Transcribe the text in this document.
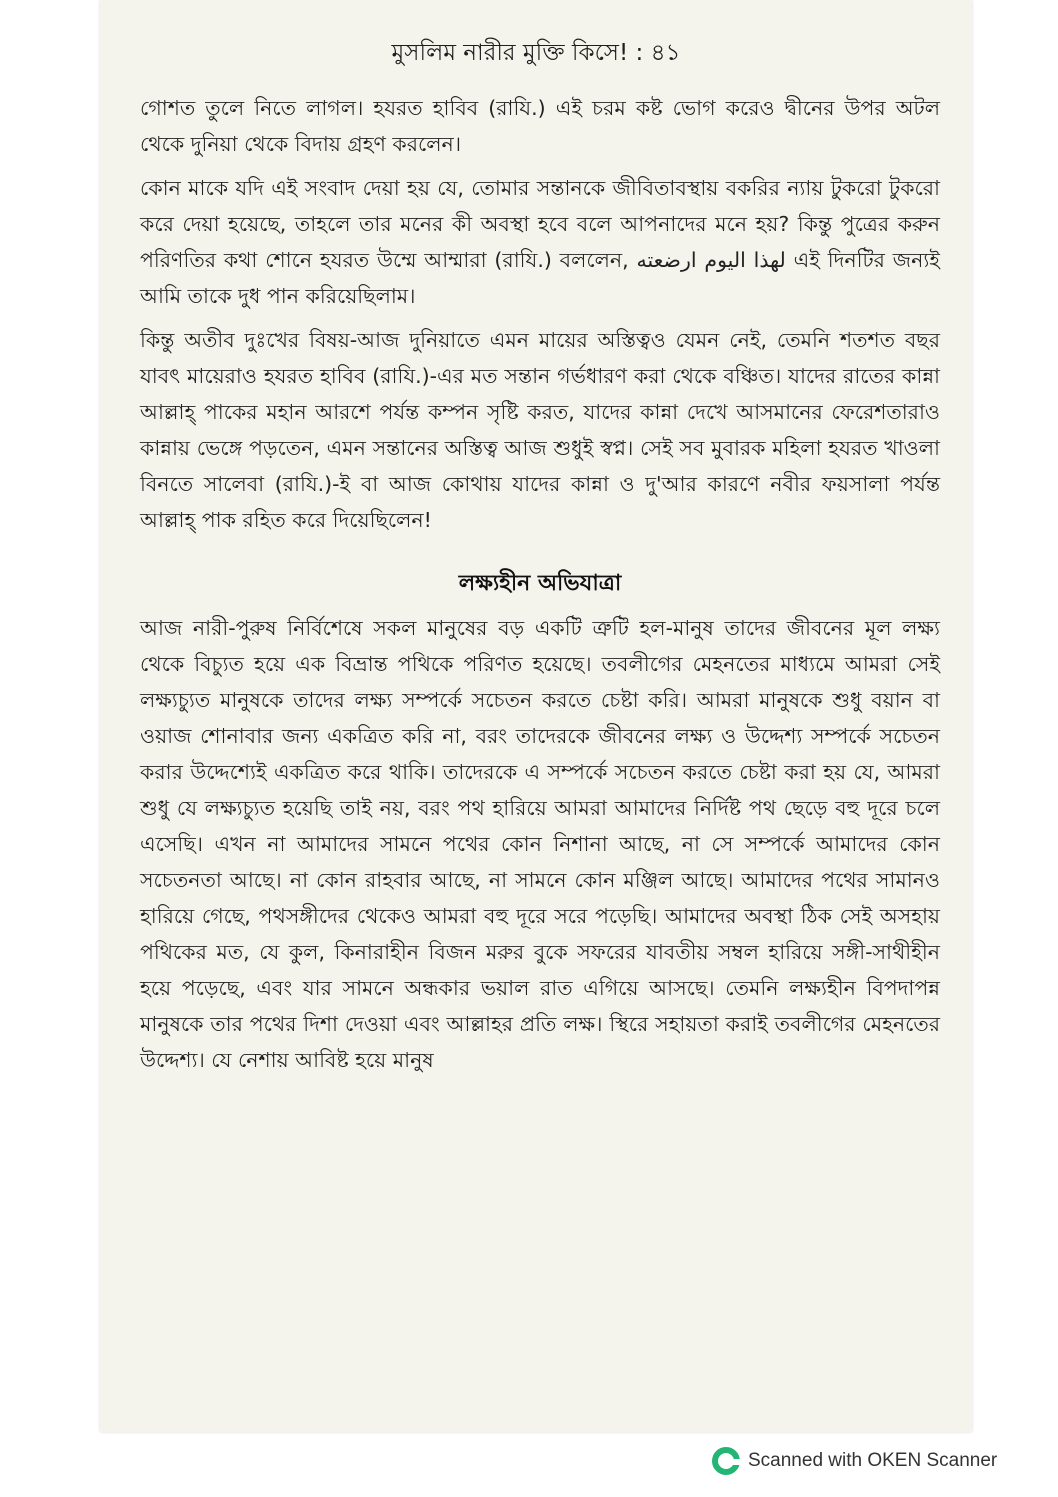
মুসলিম নারীর মুক্তি কিসে! : ৪১

গোশত তুলে নিতে লাগল। হযরত হাবিব (রাযি.) এই চরম কষ্ট ভোগ করেও দ্বীনের উপর অটল থেকে দুনিয়া থেকে বিদায় গ্রহণ করলেন।

কোন মাকে যদি এই সংবাদ দেয়া হয় যে, তোমার সন্তানকে জীবিতাবস্থায় বকরির ন্যায় টুকরো টুকরো করে দেয়া হয়েছে, তাহলে তার মনের কী অবস্থা হবে বলে আপনাদের মনে হয়? কিন্তু পুত্রের করুন পরিণতির কথা শোনে হযরত উম্মে আম্মারা (রাযি.) বললেন, لهذا اليوم ارضعته এই দিনটির জন্যই আমি তাকে দুধ পান করিয়েছিলাম।

কিন্তু অতীব দুঃখের বিষয়-আজ দুনিয়াতে এমন মায়ের অস্তিত্বও যেমন নেই, তেমনি শতশত বছর যাবৎ মায়েরাও হযরত হাবিব (রাযি.)-এর মত সন্তান গর্ভধারণ করা থেকে বঞ্চিত। যাদের রাতের কান্না আল্লাহ্ পাকের মহান আরশে পর্যন্ত কম্পন সৃষ্টি করত, যাদের কান্না দেখে আসমানের ফেরেশতারাও কান্নায় ভেঙ্গে পড়তেন, এমন সন্তানের অস্তিত্ব আজ শুধুই স্বপ্ন। সেই সব মুবারক মহিলা হযরত খাওলা বিনতে সালেবা (রাযি.)-ই বা আজ কোথায় যাদের কান্না ও দু'আর কারণে নবীর ফয়সালা পর্যন্ত আল্লাহ্ পাক রহিত করে দিয়েছিলেন!

লক্ষ্যহীন অভিযাত্রা

আজ নারী-পুরুষ নির্বিশেষে সকল মানুষের বড় একটি ত্রুটি হল-মানুষ তাদের জীবনের মূল লক্ষ্য থেকে বিচ্যুত হয়ে এক বিভ্রান্ত পথিকে পরিণত হয়েছে। তবলীগের মেহনতের মাধ্যমে আমরা সেই লক্ষ্যচ্যুত মানুষকে তাদের লক্ষ্য সম্পর্কে সচেতন করতে চেষ্টা করি। আমরা মানুষকে শুধু বয়ান বা ওয়াজ শোনাবার জন্য একত্রিত করি না, বরং তাদেরকে জীবনের লক্ষ্য ও উদ্দেশ্য সম্পর্কে সচেতন করার উদ্দেশ্যেই একত্রিত করে থাকি। তাদেরকে এ সম্পর্কে সচেতন করতে চেষ্টা করা হয় যে, আমরা শুধু যে লক্ষ্যচ্যুত হয়েছি তাই নয়, বরং পথ হারিয়ে আমরা আমাদের নির্দিষ্ট পথ ছেড়ে বহু দূরে চলে এসেছি। এখন না আমাদের সামনে পথের কোন নিশানা আছে, না সে সম্পর্কে আমাদের কোন সচেতনতা আছে। না কোন রাহবার আছে, না সামনে কোন মঞ্জিল আছে। আমাদের পথের সামানও হারিয়ে গেছে, পথসঙ্গীদের থেকেও আমরা বহু দূরে সরে পড়েছি। আমাদের অবস্থা ঠিক সেই অসহায় পথিকের মত, যে কুল, কিনারাহীন বিজন মরুর বুকে সফরের যাবতীয় সম্বল হারিয়ে সঙ্গী-সাথীহীন হয়ে পড়েছে, এবং যার সামনে অন্ধকার ভয়াল রাত এগিয়ে আসছে। তেমনি লক্ষ্যহীন বিপদাপন্ন মানুষকে তার পথের দিশা দেওয়া এবং আল্লাহর প্রতি লক্ষ। স্থিরে সহায়তা করাই তবলীগের মেহনতের উদ্দেশ্য। যে নেশায় আবিষ্ট হয়ে মানুষ

Scanned with OKEN Scanner
